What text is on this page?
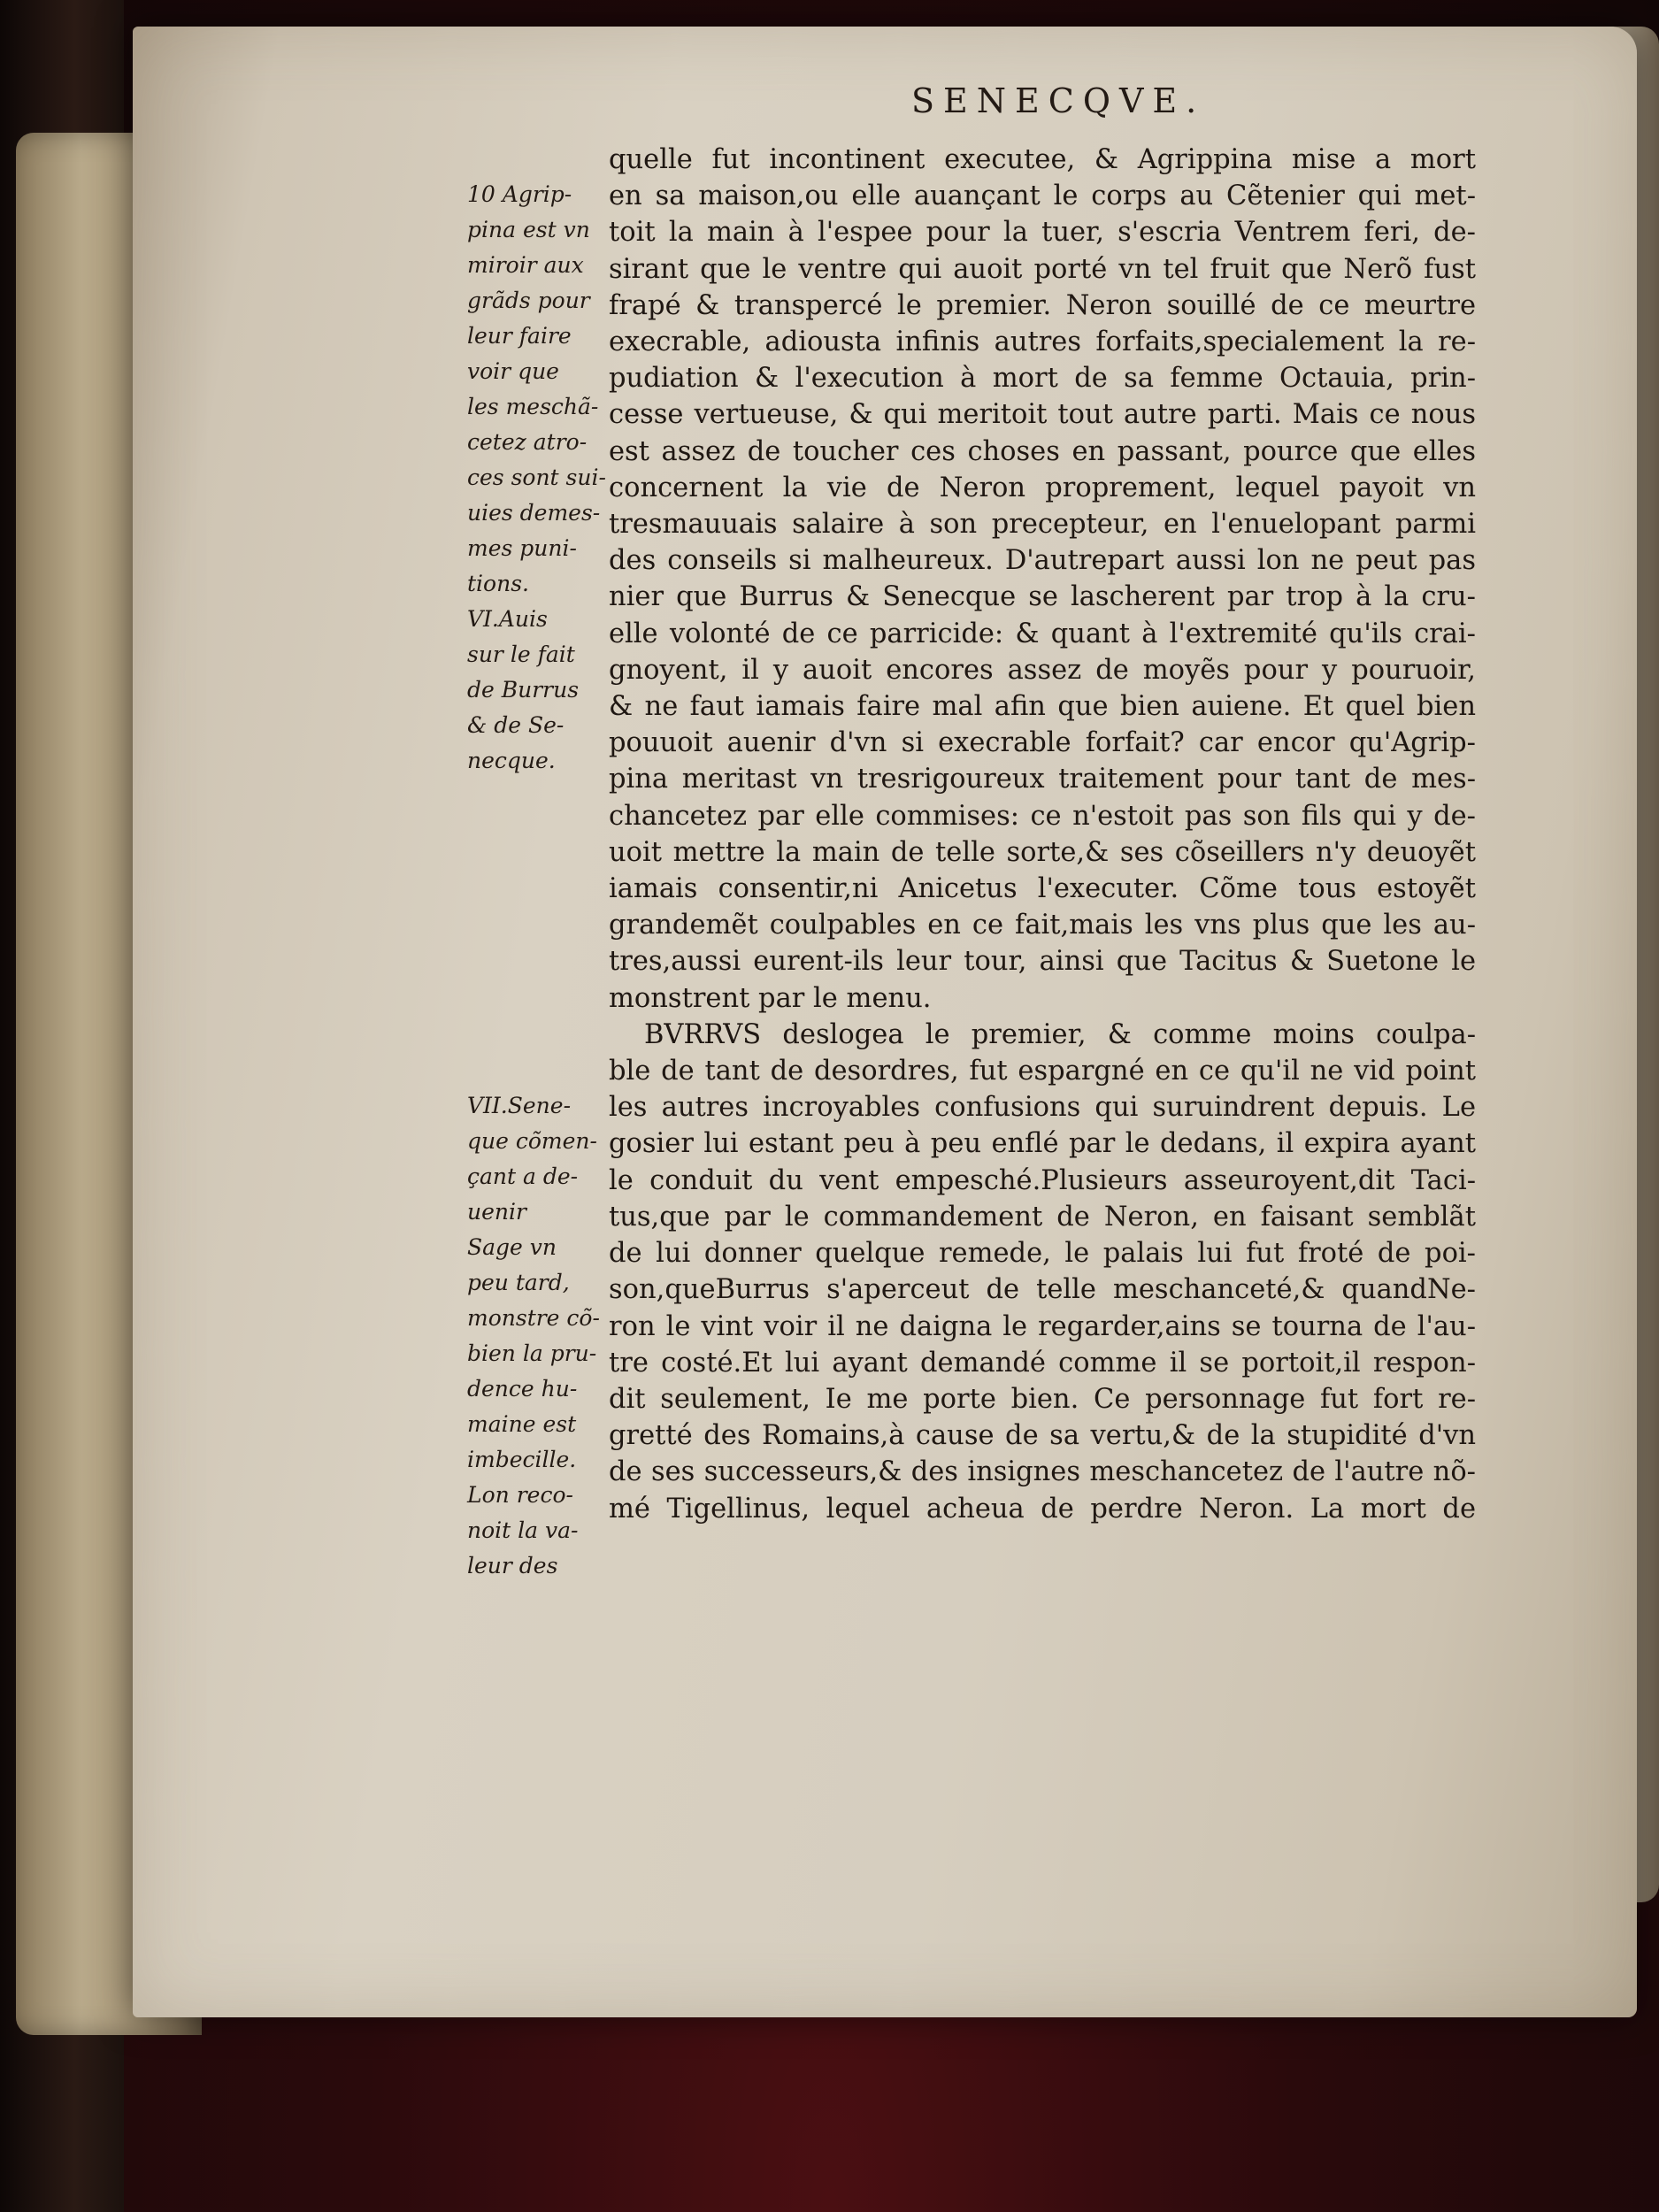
SENECQVE.
quelle fut incontinent executee, & Agrippina mise a mort
en sa maison,ou elle auançant le corps au Cẽtenier qui met-
toit la main à l'espee pour la tuer, s'escria Ventrem feri, de-
sirant que le ventre qui auoit porté vn tel fruit que Nerõ fust
frapé & transpercé le premier. Neron souillé de ce meurtre
execrable, adiousta infinis autres forfaits,specialement la re-
pudiation & l'execution à mort de sa femme Octauia, prin-
cesse vertueuse, & qui meritoit tout autre parti. Mais ce nous
est assez de toucher ces choses en passant, pource que elles
concernent la vie de Neron proprement, lequel payoit vn
tresmauuais salaire à son precepteur, en l'enuelopant parmi
des conseils si malheureux. D'autrepart aussi lon ne peut pas
nier que Burrus & Senecque se lascherent par trop à la cru-
elle volonté de ce parricide: & quant à l'extremité qu'ils crai-
gnoyent, il y auoit encores assez de moyẽs pour y pouruoir,
& ne faut iamais faire mal afin que bien auiene. Et quel bien
pouuoit auenir d'vn si execrable forfait? car encor qu'Agrip-
pina meritast vn tresrigoureux traitement pour tant de mes-
chancetez par elle commises: ce n'estoit pas son fils qui y de-
uoit mettre la main de telle sorte,& ses cõseillers n'y deuoyẽt
iamais consentir,ni Anicetus l'executer. Cõme tous estoyẽt
grandemẽt coulpables en ce fait,mais les vns plus que les au-
tres,aussi eurent-ils leur tour, ainsi que Tacitus & Suetone le
monstrent par le menu.
BVRRVS deslogea le premier, & comme moins coulpa-
ble de tant de desordres, fut espargné en ce qu'il ne vid point
les autres incroyables confusions qui suruindrent depuis. Le
gosier lui estant peu à peu enflé par le dedans, il expira ayant
le conduit du vent empesché.Plusieurs asseuroyent,dit Taci-
tus,que par le commandement de Neron, en faisant semblãt
de lui donner quelque remede, le palais lui fut froté de poi-
son,queBurrus s'aperceut de telle meschanceté,& quandNe-
ron le vint voir il ne daigna le regarder,ains se tourna de l'au-
tre costé.Et lui ayant demandé comme il se portoit,il respon-
dit seulement, Ie me porte bien. Ce personnage fut fort re-
gretté des Romains,à cause de sa vertu,& de la stupidité d'vn
de ses successeurs,& des insignes meschancetez de l'autre nõ-
mé Tigellinus, lequel acheua de perdre Neron. La mort de
10 Agrip-
pina est vn
miroir aux
grãds pour
leur faire
voir que
les meschã-
cetez atro-
ces sont sui-
uies demes-
mes puni-
tions.
VI.Auis
sur le fait
de Burrus
& de Se-
necque.
VII.Sene-
que cõmen-
çant a de-
uenir
Sage vn
peu tard,
monstre cõ-
bien la pru-
dence hu-
maine est
imbecille.
Lon reco-
noit la va-
leur des
